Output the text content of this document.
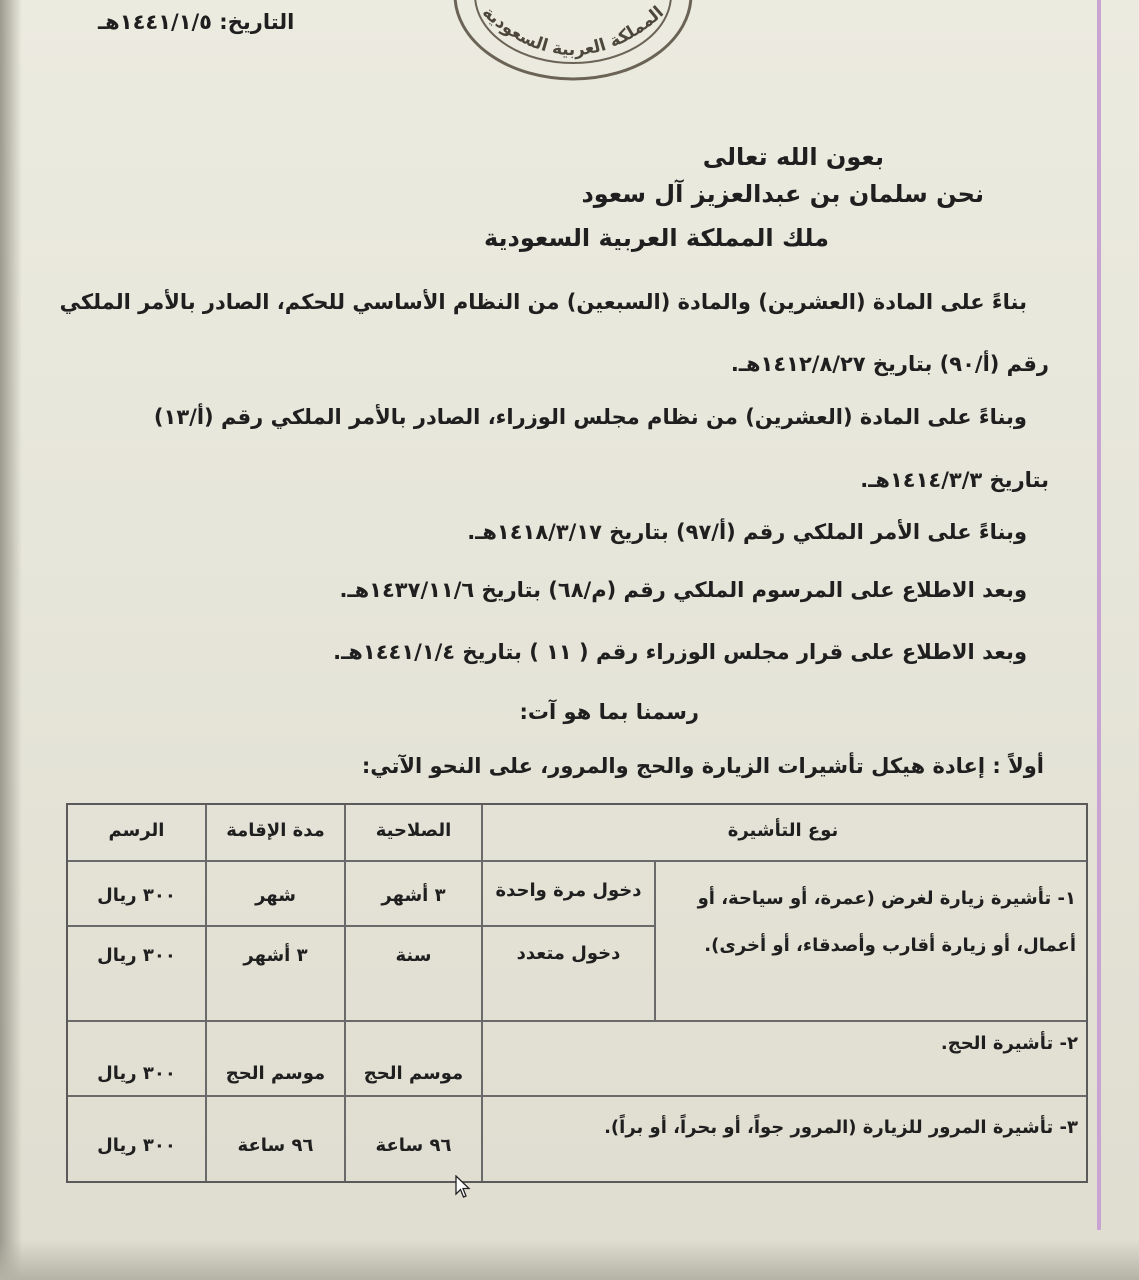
المملكة العربية السعودية
التاريخ: ١٤٤١/١/٥هـ
بعون الله تعالى
نحن سلمان بن عبدالعزيز آل سعود
ملك المملكة العربية السعودية
بناءً على المادة (العشرين) والمادة (السبعين) من النظام الأساسي للحكم، الصادر بالأمر الملكي
رقم (أ/٩٠) بتاريخ ١٤١٢/٨/٢٧هـ.
وبناءً على المادة (العشرين) من نظام مجلس الوزراء، الصادر بالأمر الملكي رقم (أ/١٣)
بتاريخ ١٤١٤/٣/٣هـ.
وبناءً على الأمر الملكي رقم (أ/٩٧) بتاريخ ١٤١٨/٣/١٧هـ.
وبعد الاطلاع على المرسوم الملكي رقم (م/٦٨) بتاريخ ١٤٣٧/١١/٦هـ.
وبعد الاطلاع على قرار مجلس الوزراء رقم ( ١١ ) بتاريخ ١٤٤١/١/٤هـ.
رسمنا بما هو آت:
أولاً : إعادة هيكل تأشيرات الزيارة والحج والمرور، على النحو الآتي:
نوع التأشيرة
الصلاحية
مدة الإقامة
الرسم
١- تأشيرة زيارة لغرض (عمرة، أو سياحة، أو أعمال، أو زيارة أقارب وأصدقاء، أو أخرى).
دخول مرة واحدة
دخول متعدد
٣ أشهر
شهر
٣٠٠ ريال
سنة
٣ أشهر
٣٠٠ ريال
٢- تأشيرة الحج.
موسم الحج
موسم الحج
٣٠٠ ريال
٣- تأشيرة المرور للزيارة (المرور جواً، أو بحراً، أو براً).
٩٦ ساعة
٩٦ ساعة
٣٠٠ ريال
